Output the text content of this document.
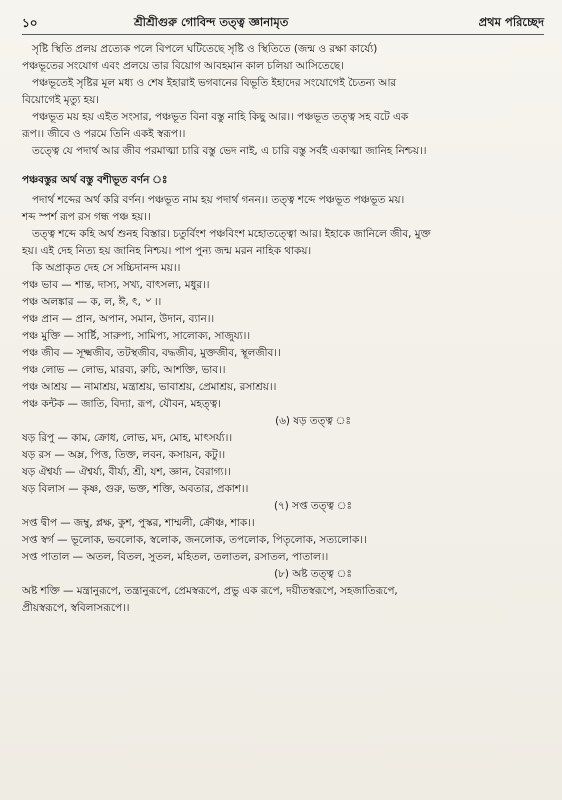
১০	শ্রীশ্রীগুরু গোবিন্দ তত্ত্ব জ্ঞানামৃত	প্রথম পরিচ্ছেদ

সৃষ্টি স্থিতি প্রলয় প্রত্যেক পলে বিপলে ঘটিতেছে সৃষ্টি ও স্থিতিতে (জন্ম ও রক্ষা কার্য্যে)

পঞ্চভূতের সংযোগ এবং প্রলয়ে তার বিয়োগ আবহমান কাল চলিয়া আসিতেছে।

পঞ্চভূতেই সৃষ্টির মূল মধ্য ও শেষ ইহারাই ভগবানের বিভূতি ইহাদের সংযোগেই চৈতন্য আর

বিয়োগেই মৃত্যু হয়।

পঞ্চভূত ময় হয় এইত সংসার, পঞ্চভূত বিনা বস্তু নাহি কিছু আর।। পঞ্চভূত তত্ত্ব সহ বটে এক

রূপ।। জীবে ও পরমে তিনি একই স্বরূপ।।

তত্ত্বে যে পদার্থ আর জীব পরমাত্মা চারি বস্তু ভেদ নাই, এ চারি বস্তু সর্বই একাত্মা জানিহ নিশ্চয়।।

পঞ্চবস্তুর অর্থ বস্তু বশীভূত বর্ণন ঃ

পদার্থ শব্দের অর্থ করি বর্ণন। পঞ্চভূত নাম হয় পদার্থ গনন।। তত্ত্ব শব্দে পঞ্চভূত পঞ্চভূত ময়।

শব্দ স্পর্শ রূপ রস গন্ধ পঞ্চ হয়।।

তত্ত্ব শব্দে কহি অর্থ শুনহ বিস্তার। চতুর্বিংশ পঞ্চবিংশ মহোতত্ত্বো আর। ইহাকে জানিলে জীব, মুক্ত

হয়। এই দেহ নিত্য হয় জানিহ নিশ্চয়। পাপ পুন্য জন্ম মরন নাহিক থাকয়।

কি অপ্রাকৃত দেহ সে সচ্চিদানন্দ ময়।।

পঞ্চ ভাব — শান্ত, দাস্য, সখ্য, বাৎসল্য, মধুর।।

পঞ্চ অলঙ্কার — ক, ল, ঈ, ৎ, ৺ ।।

পঞ্চ প্রান — প্রান, অপান, সমান, উদান, ব্যান।।

পঞ্চ মুক্তি — সার্ষ্টি, সারুপ্য, সামিপ্য, সালোক্য, সাজুয্য।।

পঞ্চ জীব — সূক্ষ্মজীব, তটস্থজীব, বদ্ধজীব, মুক্তজীব, স্থূলজীব।।

পঞ্চ লোভ — লোভ, মারব্য, রুচি, আশক্তি, ভাব।।

পঞ্চ আশ্রয় — নামাশ্রয়, মন্ত্রাশ্রয়, ভাবাশ্রয়, প্রেমাশ্রয়, রসাশ্রয়।।

পঞ্চ কন্টক — জাতি, বিদ্যা, রূপ, যৌবন, মহত্ত্ব।

(৬) ষড় তত্ত্ব ঃ

ষড় রিপু — কাম, ক্রোধ, লোভ, মদ, মোহ, মাৎসর্য্য।।

ষড় রস — অম্ল, পিত্ত, তিক্ত, লবন, কসায়ন, কটু।।

ষড় ঐশ্বর্য্য — ঐশ্বর্য্য, বীর্য্য, শ্রী, যশ, জ্ঞান, বৈরাগ্য।।

ষড় বিলাস — কৃষ্ণ, গুরু, ভক্ত, শক্তি, অবতার, প্রকাশ।।

(৭) সপ্ত তত্ত্ব ঃ

সপ্ত দ্বীপ — জম্বু, প্লক্ষ, কুশ, পুস্কর, শাম্মলী, ক্রৌঞ্চ, শাক।।

সপ্ত স্বর্গ — ভূলোক, ভবলোক, স্বলোক, জনলোক, তপলোক, পিতৃলোক, সত্যলোক।।

সপ্ত পাতাল — অতল, বিতল, সুতল, মহিতল, তলাতল, রসাতল, পাতাল।।

(৮) অষ্ট তত্ত্ব ঃ

অষ্ট শক্তি — মন্ত্রানুরূপে, তন্ত্রানুরূপে, প্রেমস্বরূপে, প্রভু এক রূপে, দয়ীতস্বরূপে, সহজাতিরূপে,

প্রীয়স্বরূপে, স্ববিলাসরূপে।।
